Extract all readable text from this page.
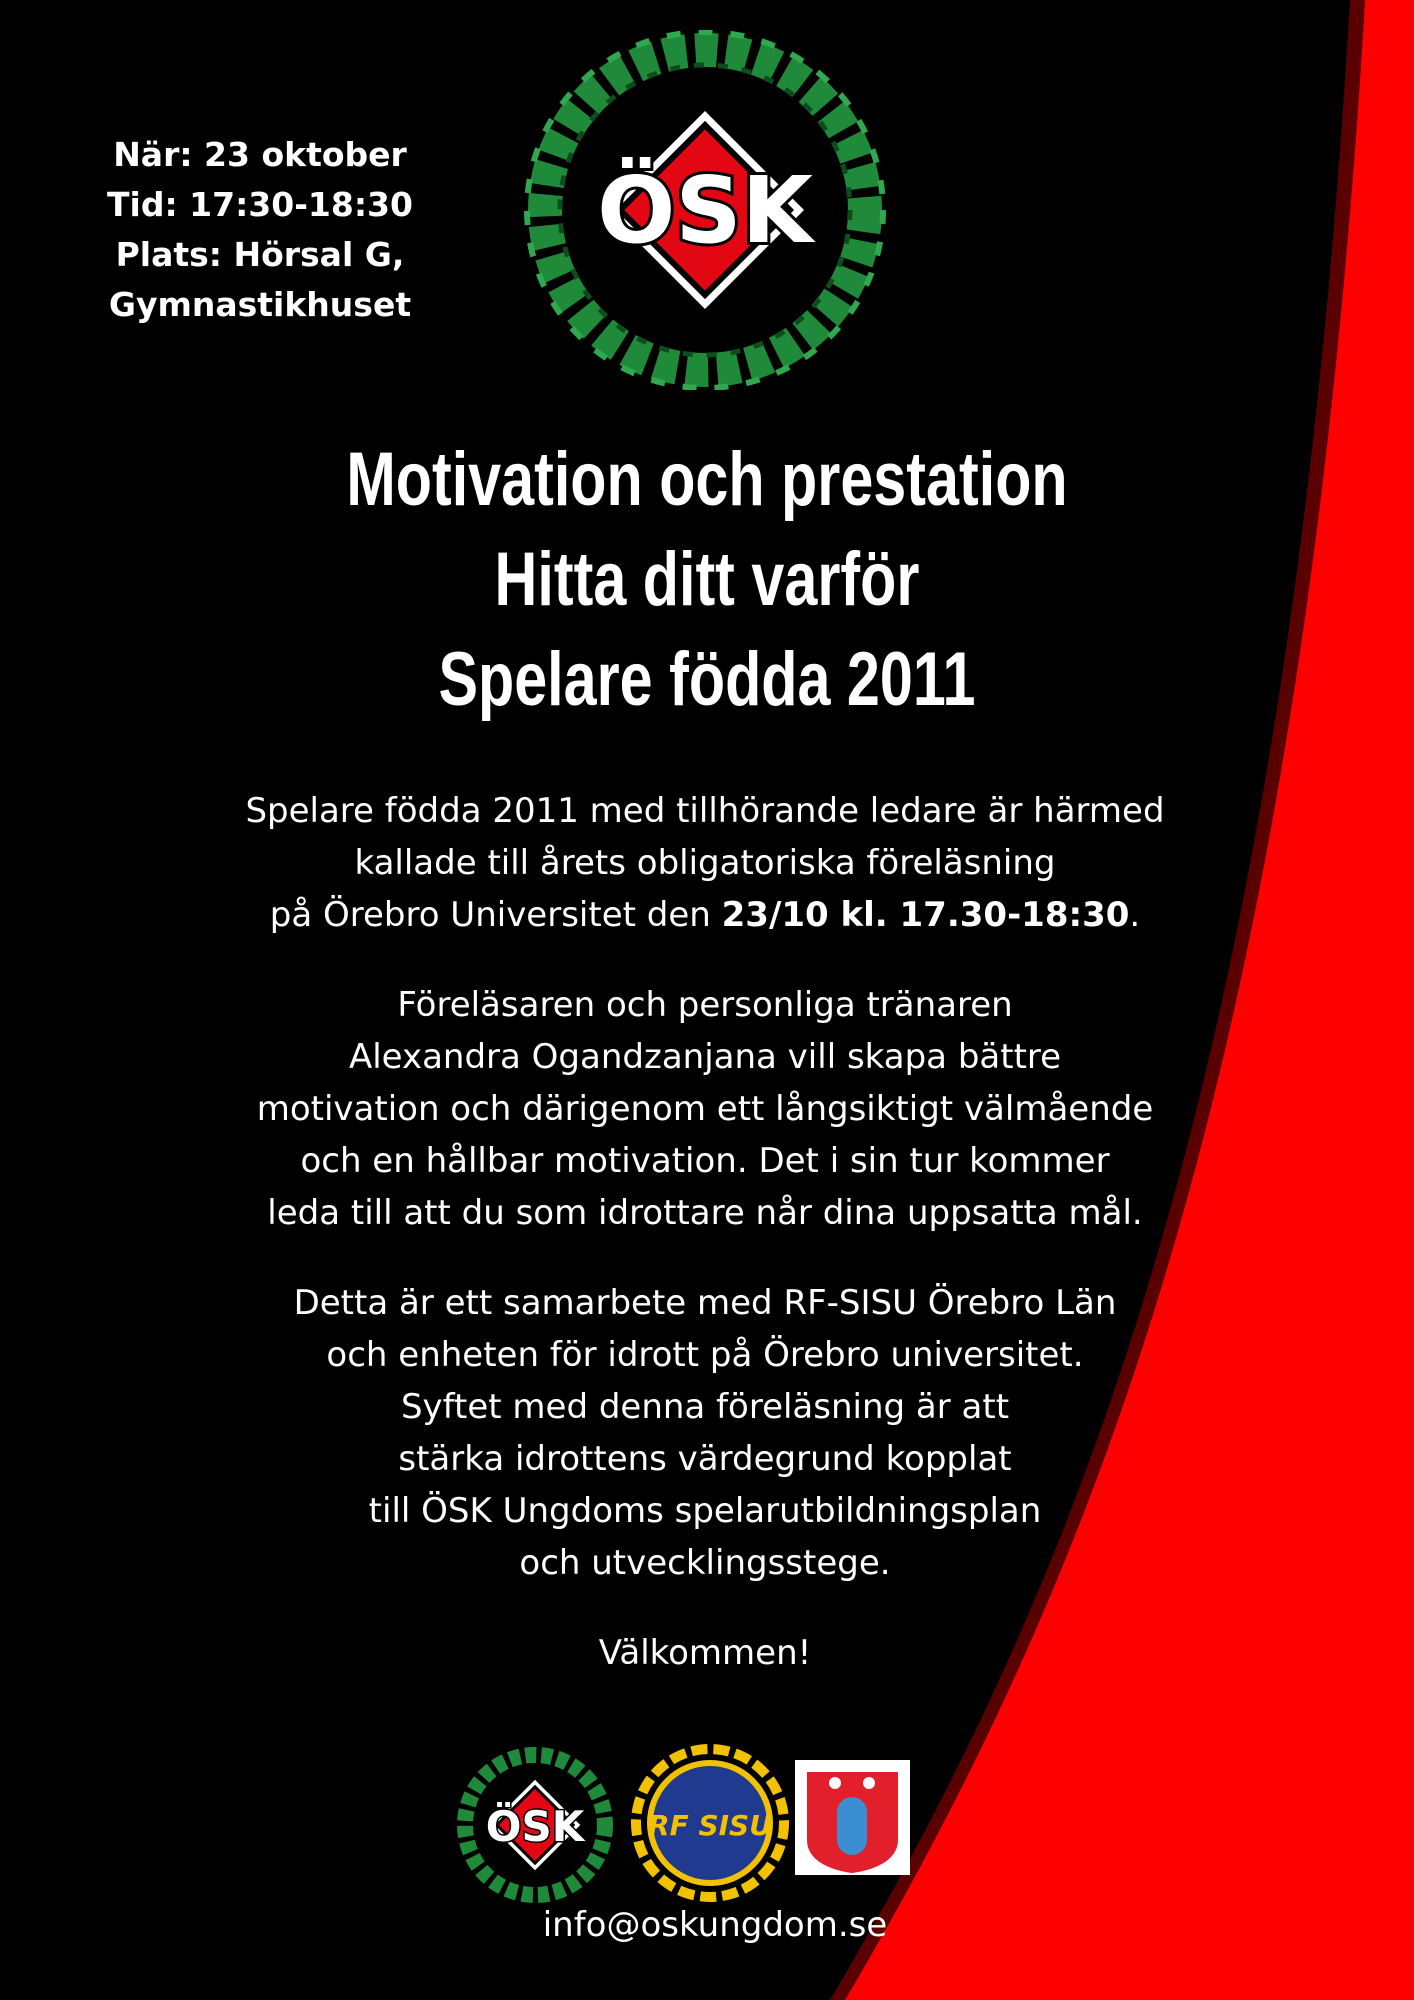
När: 23 oktober
Tid: 17:30-18:30
Plats: Hörsal G,
Gymnastikhuset
ÖSK
Motivation och prestation
Hitta ditt varför
Spelare födda 2011

Spelare födda 2011 med tillhörande ledare är härmed
kallade till årets obligatoriska föreläsning
på Örebro Universitet den 23/10 kl. 17.30-18:30.

Föreläsaren och personliga tränaren
Alexandra Ogandzanjana vill skapa bättre
motivation och därigenom ett långsiktigt välmående
och en hållbar motivation. Det i sin tur kommer
leda till att du som idrottare når dina uppsatta mål.

Detta är ett samarbete med RF-SISU Örebro Län
och enheten för idrott på Örebro universitet.
Syftet med denna föreläsning är att
stärka idrottens värdegrund kopplat
till ÖSK Ungdoms spelarutbildningsplan
och utvecklingsstege.

Välkommen!

ÖSK RF SISU
info@oskungdom.se
